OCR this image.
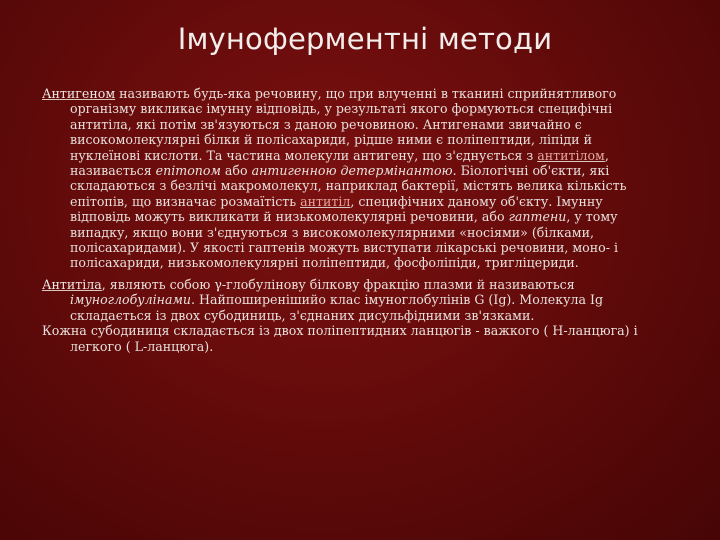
Імуноферментні методи

Антигеном називають будь-яка речовину, що при влученні в тканині сприйнятливого організму викликає імунну відповідь, у результаті якого формуються специфічні антитіла, які потім зв'язуються з даною речовиною. Антигенами звичайно є високомолекулярні білки й полісахариди, рідше ними є поліпептиди, ліпіди й нуклеїнові кислоти. Та частина молекули антигену, що з'єднується з антитілом, називається епітопом або антигенною детермінантою. Біологічні об'єкти, які складаються з безлічі макромолекул, наприклад бактерії, містять велика кількість епітопів, що визначає розмаїтість антитіл, специфічних даному об'єкту. Імунну відповідь можуть викликати й низькомолекулярні речовини, або гаптени, у тому випадку, якщо вони з'єднуються з високомолекулярними «носіями» (білками, полісахаридами). У якості гаптенів можуть виступати лікарські речовини, моно- і полісахариди, низькомолекулярні поліпептиди, фосфоліпіди, тригліцериди.

Антитіла, являють собою γ-глобулінову білкову фракцію плазми й називаються імуноглобулінами. Найпоширенішийо клас імуноглобулінів G (Ig). Молекула Ig складається із двох субодиниць, з'єднаних дисульфідними зв'язками.

Кожна субодиниця складається із двох поліпептидних ланцюгів - важкого ( Н-ланцюга) і легкого ( L-ланцюга).
